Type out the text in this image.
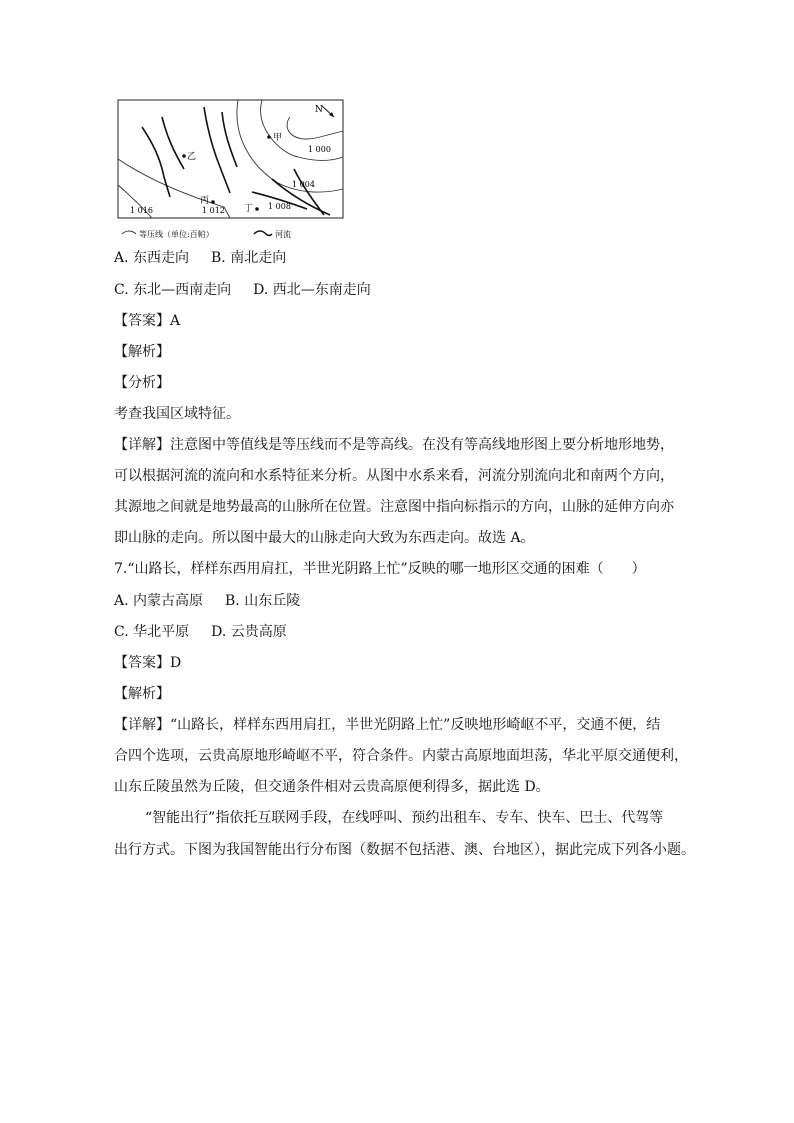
N
甲
乙
丙
丁
1 000
1 004
1 008
1 012
1 016
等压线（单位:百帕）	河流
A. 东西走向 B. 南北走向
C. 东北—西南走向 D. 西北—东南走向
【答案】A
【解析】
【分析】
考查我国区域特征。
【详解】注意图中等值线是等压线而不是等高线。在没有等高线地形图上要分析地形地势，
可以根据河流的流向和水系特征来分析。从图中水系来看，河流分别流向北和南两个方向，
其源地之间就是地势最高的山脉所在位置。注意图中指向标指示的方向，山脉的延伸方向亦
即山脉的走向。所以图中最大的山脉走向大致为东西走向。故选 A。
7.“山路长，样样东西用肩扛，半世光阴路上忙”反映的哪一地形区交通的困难（　　）
A. 内蒙古高原 B. 山东丘陵
C. 华北平原 D. 云贵高原
【答案】D
【解析】
【详解】“山路长，样样东西用肩扛，半世光阴路上忙”反映地形崎岖不平，交通不便，结
合四个选项，云贵高原地形崎岖不平，符合条件。内蒙古高原地面坦荡，华北平原交通便利，
山东丘陵虽然为丘陵，但交通条件相对云贵高原便利得多，据此选 D。
“智能出行”指依托互联网手段，在线呼叫、预约出租车、专车、快车、巴士、代驾等
出行方式。下图为我国智能出行分布图（数据不包括港、澳、台地区），据此完成下列各小题。
